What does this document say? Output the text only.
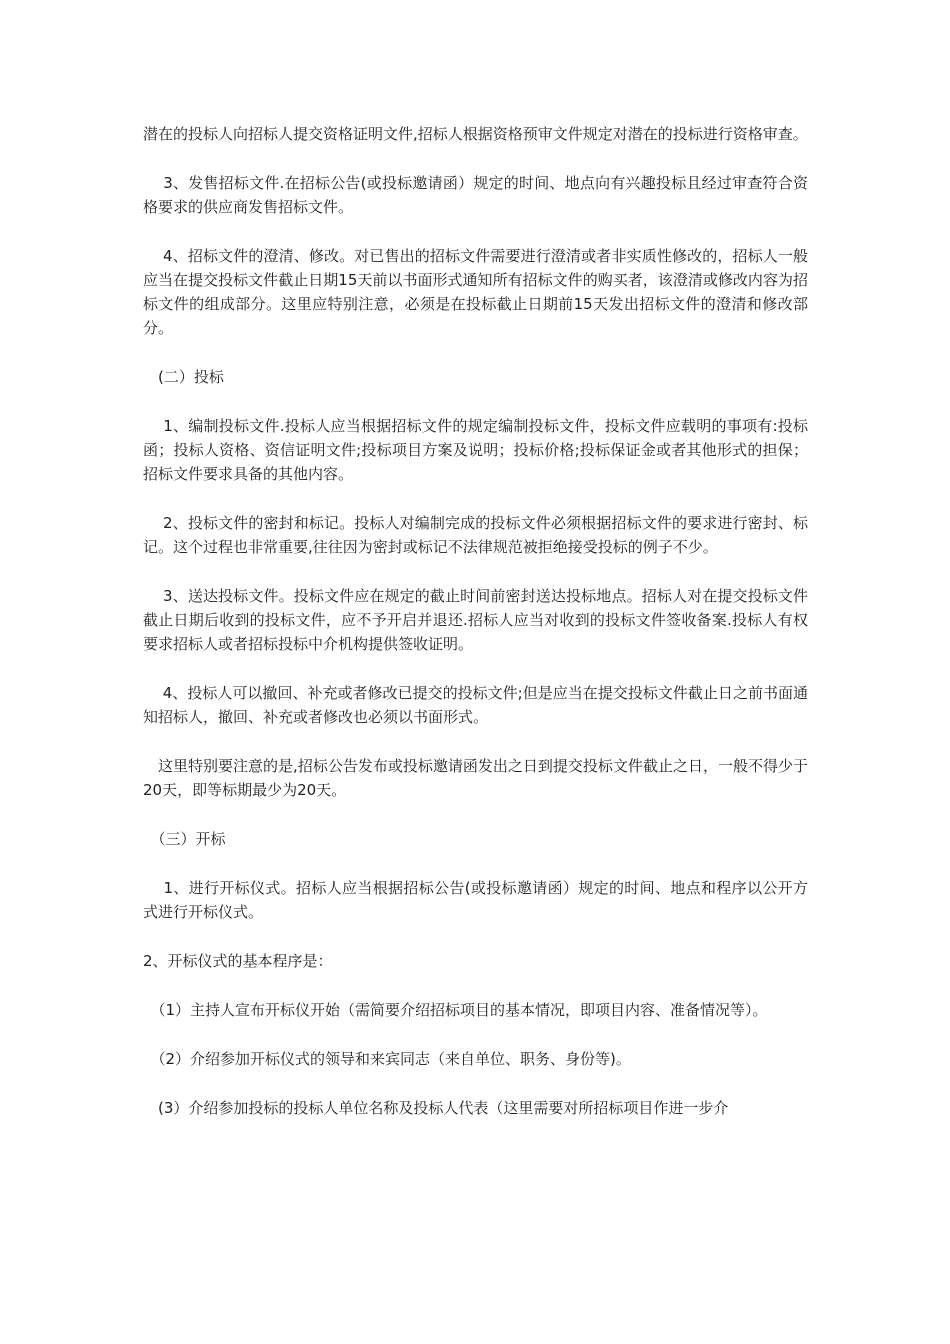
潜在的投标人向招标人提交资格证明文件,招标人根据资格预审文件规定对潜在的投标进行资格审查。

　 3、发售招标文件.在招标公告(或投标邀请函）规定的时间、地点向有兴趣投标且经过审查符合资格要求的供应商发售招标文件。

　 4、招标文件的澄清、修改。对已售出的招标文件需要进行澄清或者非实质性修改的，招标人一般应当在提交投标文件截止日期15天前以书面形式通知所有招标文件的购买者，该澄清或修改内容为招标文件的组成部分。这里应特别注意，必须是在投标截止日期前15天发出招标文件的澄清和修改部分。

　(二）投标

　 1、编制投标文件.投标人应当根据招标文件的规定编制投标文件，投标文件应载明的事项有:投标函；投标人资格、资信证明文件;投标项目方案及说明；投标价格;投标保证金或者其他形式的担保；招标文件要求具备的其他内容。

　 2、投标文件的密封和标记。投标人对编制完成的投标文件必须根据招标文件的要求进行密封、标记。这个过程也非常重要,往往因为密封或标记不法律规范被拒绝接受投标的例子不少。

　 3、送达投标文件。投标文件应在规定的截止时间前密封送达投标地点。招标人对在提交投标文件截止日期后收到的投标文件，应不予开启并退还.招标人应当对收到的投标文件签收备案.投标人有权要求招标人或者招标投标中介机构提供签收证明。

　 4、投标人可以撤回、补充或者修改已提交的投标文件;但是应当在提交投标文件截止日之前书面通知招标人，撤回、补充或者修改也必须以书面形式。

　这里特别要注意的是,招标公告发布或投标邀请函发出之日到提交投标文件截止之日，一般不得少于20天，即等标期最少为20天。

　（三）开标

　 1、进行开标仪式。招标人应当根据招标公告(或投标邀请函）规定的时间、地点和程序以公开方式进行开标仪式。

2、开标仪式的基本程序是：

　（1）主持人宣布开标仪开始（需简要介绍招标项目的基本情况，即项目内容、准备情况等）。

　（2）介绍参加开标仪式的领导和来宾同志（来自单位、职务、身份等)。

　(3）介绍参加投标的投标人单位名称及投标人代表（这里需要对所招标项目作进一步介
